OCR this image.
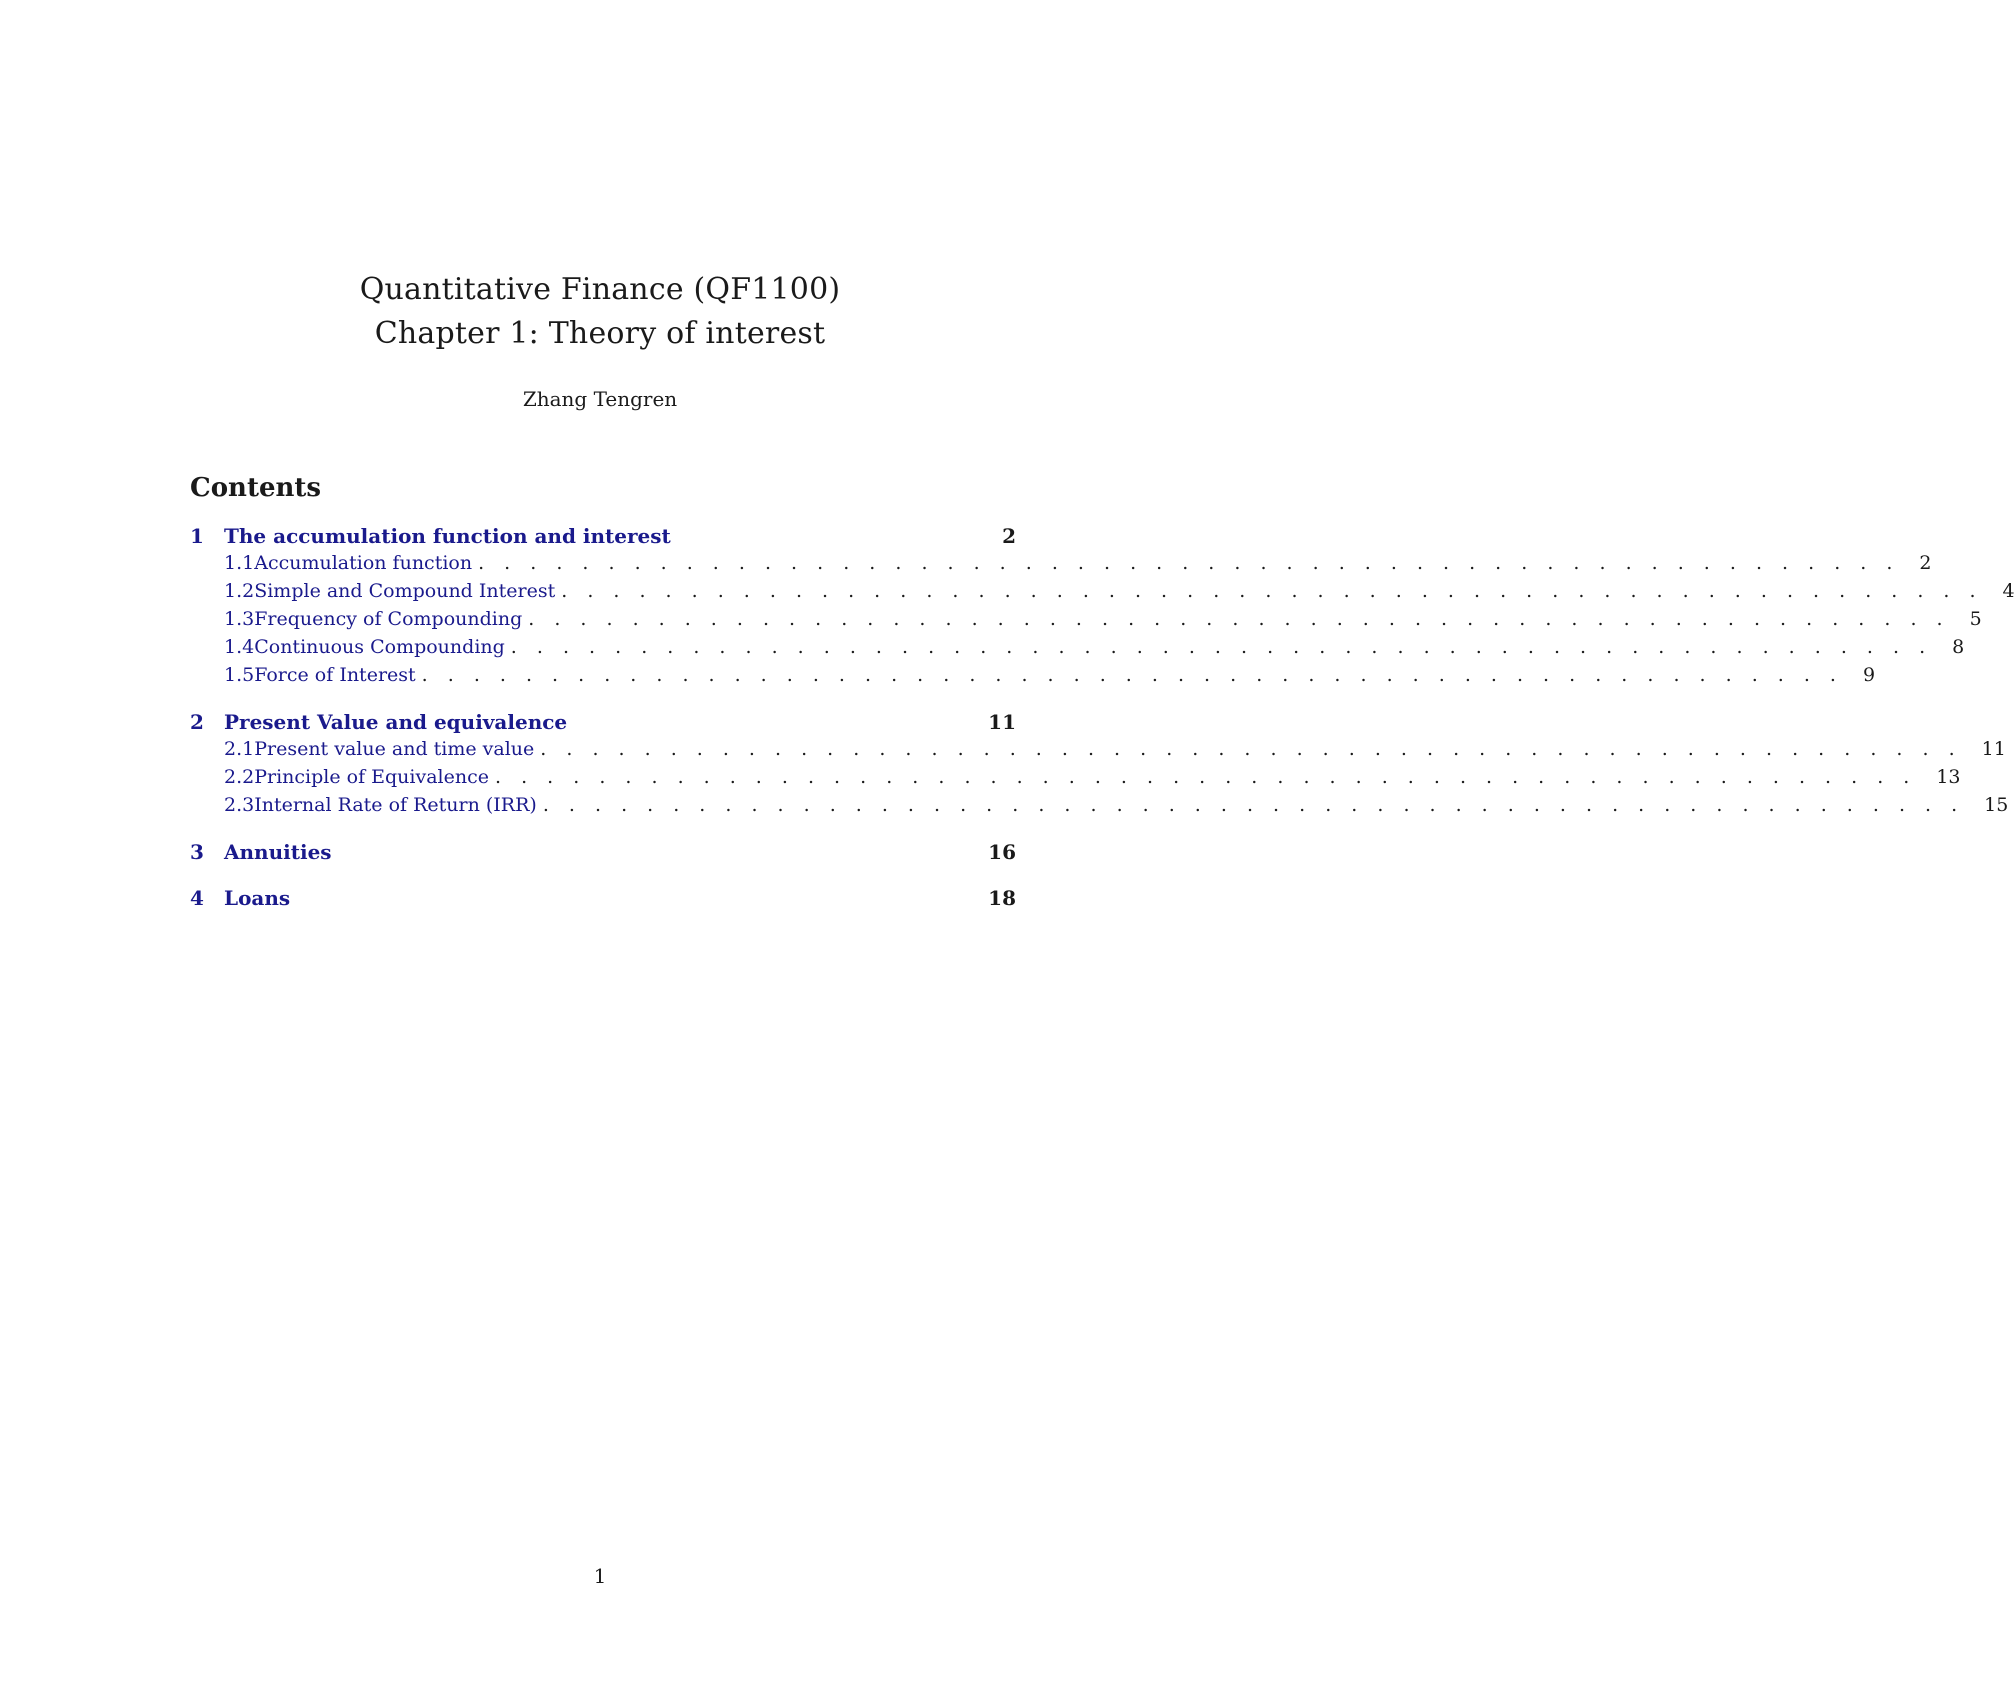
Quantitative Finance (QF1100)
Chapter 1: Theory of interest
Zhang Tengren
Contents
1	The accumulation function and interest	2
1.1 Accumulation function . . . . . . . . . . . . . . . . . . . . . . . . . . . . . . . . . . . . . . . . . . . . . . . . . . . . . . . 2
1.2 Simple and Compound Interest . . . . . . . . . . . . . . . . . . . . . . . . . . . . . . . . . . . . . . . . . . . . . . . . . . . . . . . 4
1.3 Frequency of Compounding . . . . . . . . . . . . . . . . . . . . . . . . . . . . . . . . . . . . . . . . . . . . . . . . . . . . . . . 5
1.4 Continuous Compounding . . . . . . . . . . . . . . . . . . . . . . . . . . . . . . . . . . . . . . . . . . . . . . . . . . . . . . . 8
1.5 Force of Interest . . . . . . . . . . . . . . . . . . . . . . . . . . . . . . . . . . . . . . . . . . . . . . . . . . . . . . . 9
2	Present Value and equivalence	11
2.1 Present value and time value . . . . . . . . . . . . . . . . . . . . . . . . . . . . . . . . . . . . . . . . . . . . . . . . . . . . . . . 11
2.2 Principle of Equivalence . . . . . . . . . . . . . . . . . . . . . . . . . . . . . . . . . . . . . . . . . . . . . . . . . . . . . . . 13
2.3 Internal Rate of Return (IRR) . . . . . . . . . . . . . . . . . . . . . . . . . . . . . . . . . . . . . . . . . . . . . . . . . . . . . . . 15
3	Annuities	16
4	Loans	18
1
